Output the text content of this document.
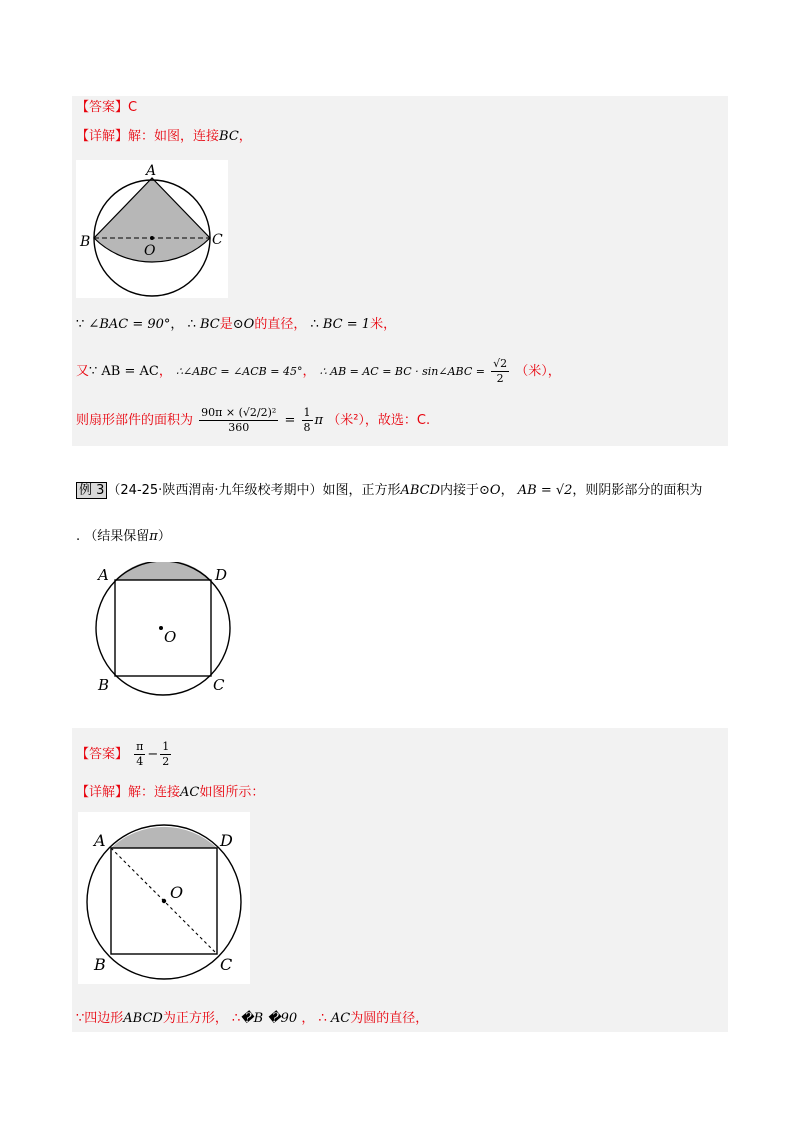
【答案】C
【详解】解：如图，连接BC，
A
B	C
O
∵ ∠BAC = 90°， ∴ BC是⊙O的直径， ∴ BC = 1米，
又∵ AB = AC， ∴∠ABC = ∠ACB = 45°， ∴ AB = AC = BC · sin∠ABC = $\frac{√2}{2}$ （米），
则扇形部件的面积为 $\frac{\text{90π × (√2/2)²}}{360} = \frac{1}{8}$ π （米²），故选：C.
例 3 （24-25·陕西渭南·九年级校考期中）如图，正方形ABCD内接于⊙O， AB = √2，则阴影部分的面积为
. （结果保留π）
A	D
B	C
O
【答案】 $\frac{\pi}{4} - \frac{1}{2}$
【详解】解：连接AC如图所示：
A	D
B	C
O
∵四边形ABCD为正方形， ∴�B �90 ， ∴ AC为圆的直径，
